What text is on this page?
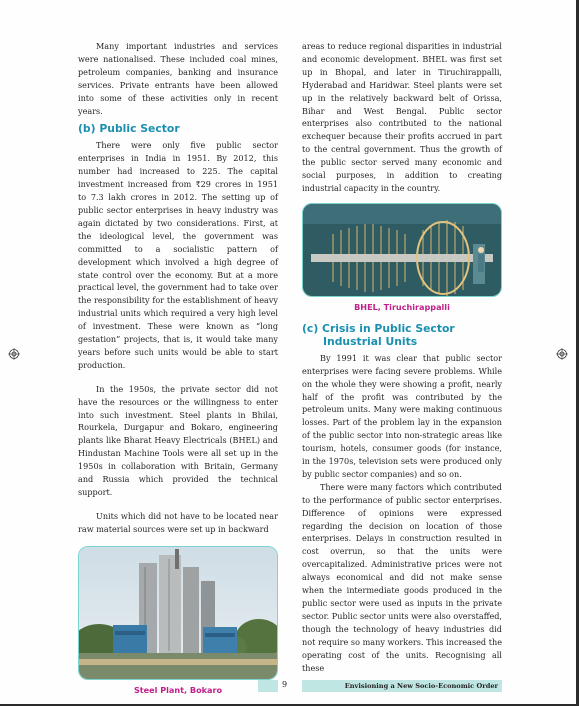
Many important industries and services were nationalised. These included coal mines, petroleum companies, banking and insurance services. Private entrants have been allowed into some of these activities only in recent years.

(b) Public Sector

There were only five public sector enterprises in India in 1951. By 2012, this number had increased to 225. The capital investment increased from ₹29 crores in 1951 to 7.3 lakh crores in 2012. The setting up of public sector enterprises in heavy industry was again dictated by two considerations. First, at the ideological level, the government was committed to a socialistic pattern of development which involved a high degree of state control over the economy. But at a more practical level, the government had to take over the responsibility for the establishment of heavy industrial units which required a very high level of investment. These were known as “long gestation” projects, that is, it would take many years before such units would be able to start production.

In the 1950s, the private sector did not have the resources or the willingness to enter into such investment. Steel plants in Bhilai, Rourkela, Durgapur and Bokaro, engineering plants like Bharat Heavy Electricals (BHEL) and Hindustan Machine Tools were all set up in the 1950s in collaboration with Britain, Germany and Russia which provided the technical support.

Units which did not have to be located near raw material sources were set up in backward

Steel Plant, Bokaro

areas to reduce regional disparities in industrial and economic development. BHEL was first set up in Bhopal, and later in Tiruchirappalli, Hyderabad and Haridwar. Steel plants were set up in the relatively backward belt of Orissa, Bihar and West Bengal. Public sector enterprises also contributed to the national exchequer because their profits accrued in part to the central government. Thus the growth of the public sector served many economic and social purposes, in addition to creating industrial capacity in the country.

BHEL, Tiruchirappalli
(c) Crisis in Public Sector
Industrial Units

By 1991 it was clear that public sector enterprises were facing severe problems. While on the whole they were showing a profit, nearly half of the profit was contributed by the petroleum units. Many were making continuous losses. Part of the problem lay in the expansion of the public sector into non-strategic areas like tourism, hotels, consumer goods (for instance, in the 1970s, television sets were produced only by public sector companies) and so on.

There were many factors which contributed to the performance of public sector enterprises. Difference of opinions were expressed regarding the decision on location of those enterprises. Delays in construction resulted in cost overrun, so that the units were overcapitalized. Administrative prices were not always economical and did not make sense when the intermediate goods produced in the public sector were used as inputs in the private sector. Public sector units were also overstaffed, though the technology of heavy industries did not require so many workers. This increased the operating cost of the units. Recognising all these

9	Envisioning a New Socio-Economic Order
